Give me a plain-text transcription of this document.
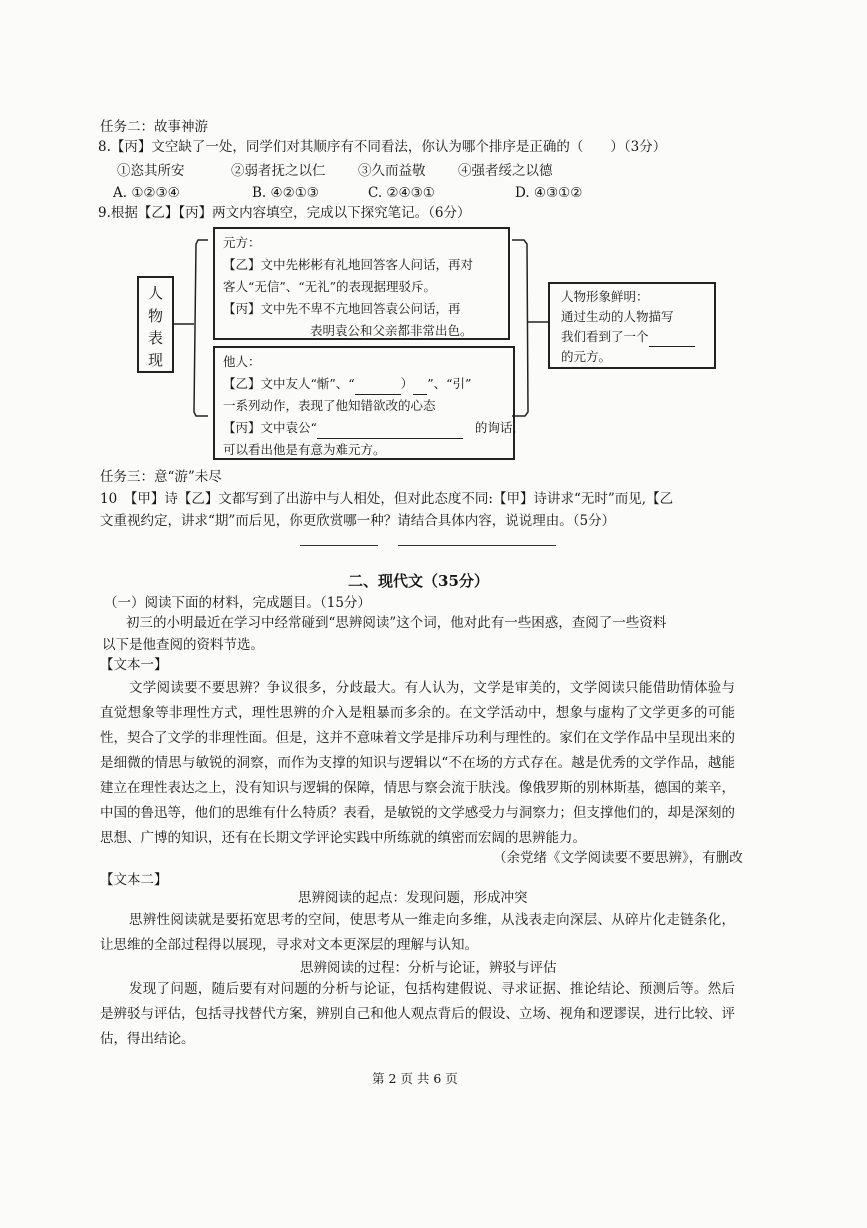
任务二：故事神游
8.【丙】文空缺了一处，同学们对其顺序有不同看法，你认为哪个排序是正确的（　　）（3分）
①恣其所安	②弱者抚之以仁 ③久而益敬 ④强者绥之以德
A. ①②③④	B. ④②①③	C. ②④③①	D. ④③①②
9.根据【乙】【丙】两文内容填空，完成以下探究笔记。（6分）
人
物
表
现
元方：
【乙】文中先彬彬有礼地回答客人问话，再对
客人“无信”、“无礼”的表现据理驳斥。
【丙】文中先不卑不亢地回答袁公问话，再
表明袁公和父亲都非常出色。
他人：
【乙】文中友人“惭”、“	） ”、“引”
一系列动作，表现了他知错欲改的心态
【丙】文中袁公“	的询话，
可以看出他是有意为难元方。
人物形象鲜明：
通过生动的人物描写
我们看到了一个
的元方。
任务三：意“游”未尽
10　【甲】诗【乙】文都写到了出游中与人相处，但对此态度不同:【甲】诗讲求“无时”而见,【乙
文重视约定，讲求“期”而后见，你更欣赏哪一种？请结合具体内容，说说理由。（5分）
二、现代文（35分）
（一）阅读下面的材料，完成题目。（15分）
初三的小明最近在学习中经常碰到“思辨阅读”这个词，他对此有一些困惑，查阅了一些资料
以下是他查阅的资料节选。
【文本一】
文学阅读要不要思辨？争议很多，分歧最大。有人认为，文学是审美的，文学阅读只能借助情体验与直觉想象等非理性方式，理性思辨的介入是粗暴而多余的。在文学活动中，想象与虚构了文学更多的可能性，契合了文学的非理性面。但是，这并不意味着文学是排斥功利与理性的。家们在文学作品中呈现出来的是细微的情思与敏锐的洞察，而作为支撑的知识与逻辑以“不在场的方式存在。越是优秀的文学作品，越能建立在理性表达之上，没有知识与逻辑的保障，情思与察会流于肤浅。像俄罗斯的别林斯基，德国的莱辛，中国的鲁迅等，他们的思维有什么特质？表看，是敏锐的文学感受力与洞察力；但支撑他们的，却是深刻的思想、广博的知识，还有在长期文学评论实践中所练就的缜密而宏阔的思辨能力。
（余党绪《文学阅读要不要思辨》，有删改
【文本二】
思辨阅读的起点：发现问题，形成冲突
思辨性阅读就是要拓宽思考的空间，使思考从一维走向多维，从浅表走向深层、从碎片化走链条化，让思维的全部过程得以展现，寻求对文本更深层的理解与认知。
思辨阅读的过程：分析与论证，辨驳与评估
发现了问题，随后要有对问题的分析与论证，包括构建假说、寻求证据、推论结论、预测后等。然后是辨驳与评估，包括寻找替代方案，辨别自己和他人观点背后的假设、立场、视角和逻谬误，进行比较、评估，得出结论。
第 2 页 共 6 页
